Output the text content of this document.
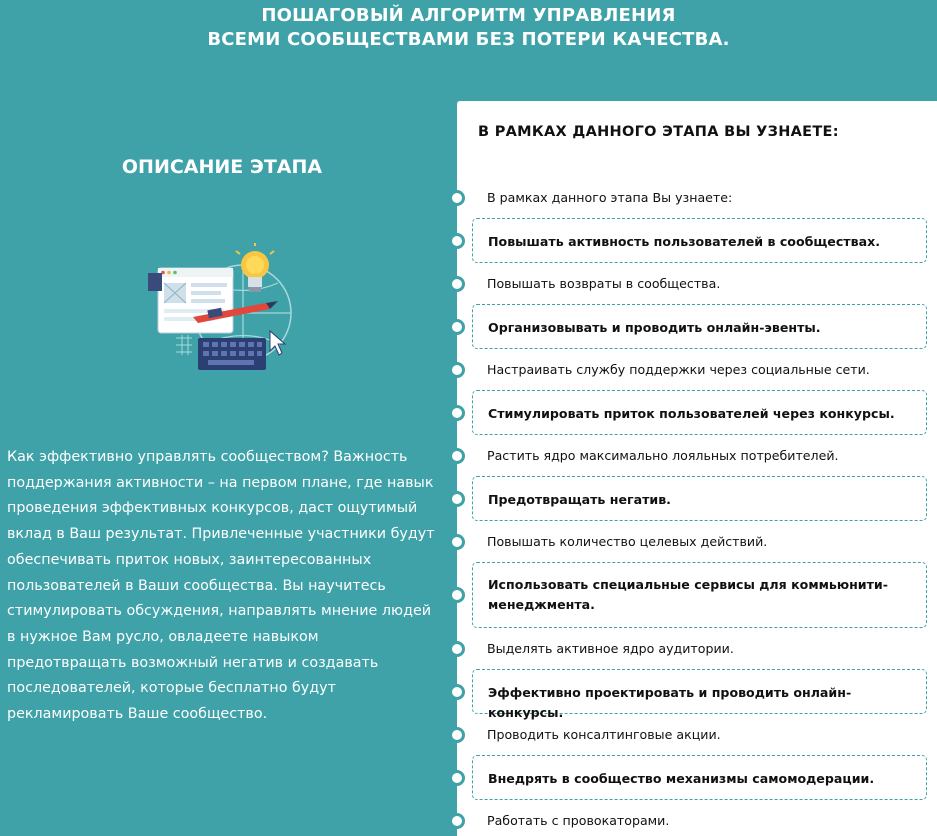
ПОШАГОВЫЙ АЛГОРИТМ УПРАВЛЕНИЯ
ВСЕМИ СООБЩЕСТВАМИ БЕЗ ПОТЕРИ КАЧЕСТВА.
ОПИСАНИЕ ЭТАПА
Как эффективно управлять сообществом? Важность поддержания активности – на первом плане, где навык проведения эффективных конкурсов, даст ощутимый вклад в Ваш результат. Привлеченные участники будут обеспечивать приток новых, заинтересованных пользователей в Ваши сообщества. Вы научитесь стимулировать обсуждения, направлять мнение людей в нужное Вам русло, овладеете навыком предотвращать возможный негатив и создавать последователей, которые бесплатно будут рекламировать Ваше сообщество.
В РАМКАХ ДАННОГО ЭТАПА ВЫ УЗНАЕТЕ:
В рамках данного этапа Вы узнаете:
Повышать активность пользователей в сообществах.
Повышать возвраты в сообщества.
Организовывать и проводить онлайн-эвенты.
Настраивать службу поддержки через социальные сети.
Стимулировать приток пользователей через конкурсы.
Растить ядро максимально лояльных потребителей.
Предотвращать негатив.
Повышать количество целевых действий.
Использовать специальные сервисы для коммьюнити-менеджмента.
Выделять активное ядро аудитории.
Эффективно проектировать и проводить онлайн-конкурсы.
Проводить консалтинговые акции.
Внедрять в сообщество механизмы самомодерации.
Работать с провокаторами.
